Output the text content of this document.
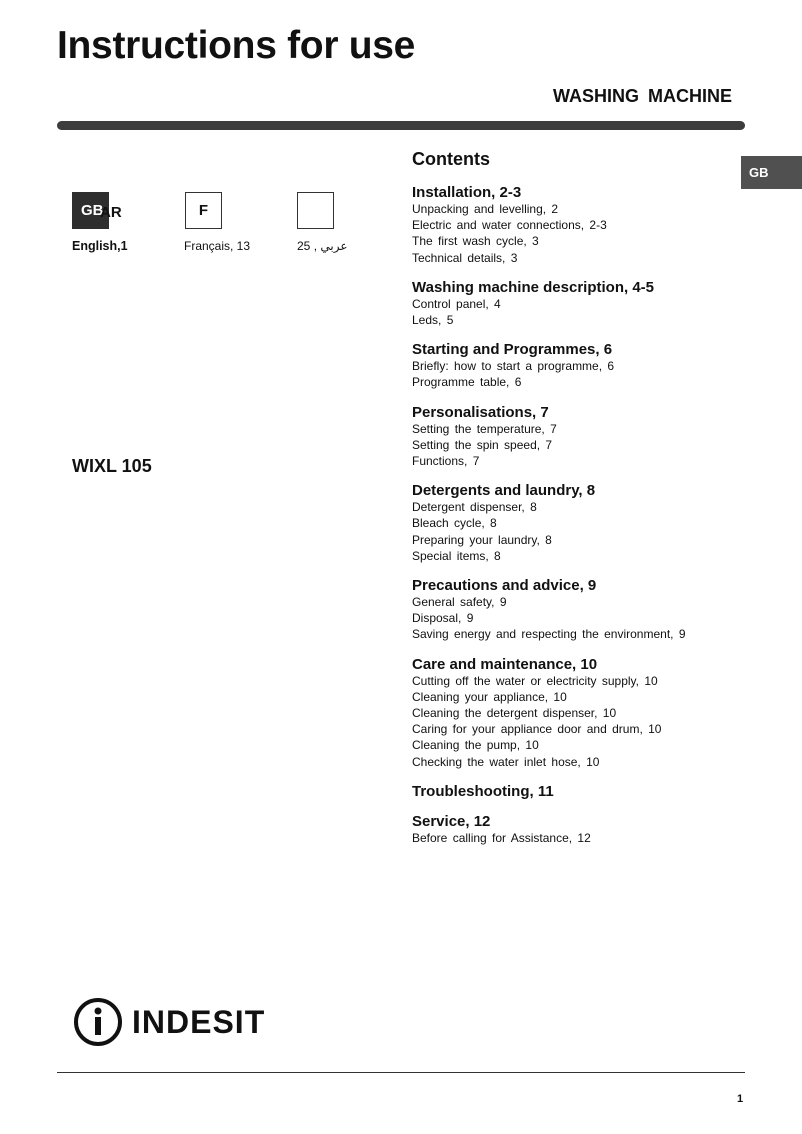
Instructions for use
WASHING MACHINE
GB
GB
AR
English,1
F
Français, 13	عربي , 25
WIXL 105
Contents
Installation, 2-3
Unpacking and levelling, 2
Electric and water connections, 2-3
The first wash cycle, 3
Technical details, 3
Washing machine description, 4-5
Control panel, 4
Leds, 5
Starting and Programmes, 6
Briefly: how to start a programme, 6
Programme table, 6
Personalisations, 7
Setting the temperature, 7
Setting the spin speed, 7
Functions, 7
Detergents and laundry, 8
Detergent dispenser, 8
Bleach cycle, 8
Preparing your laundry, 8
Special items, 8
Precautions and advice, 9
General safety, 9
Disposal, 9
Saving energy and respecting the environment, 9
Care and maintenance, 10
Cutting off the water or electricity supply, 10
Cleaning your appliance, 10
Cleaning the detergent dispenser, 10
Caring for your appliance door and drum, 10
Cleaning the pump, 10
Checking the water inlet hose, 10
Troubleshooting, 11
Service, 12
Before calling for Assistance, 12
INDESIT
1
